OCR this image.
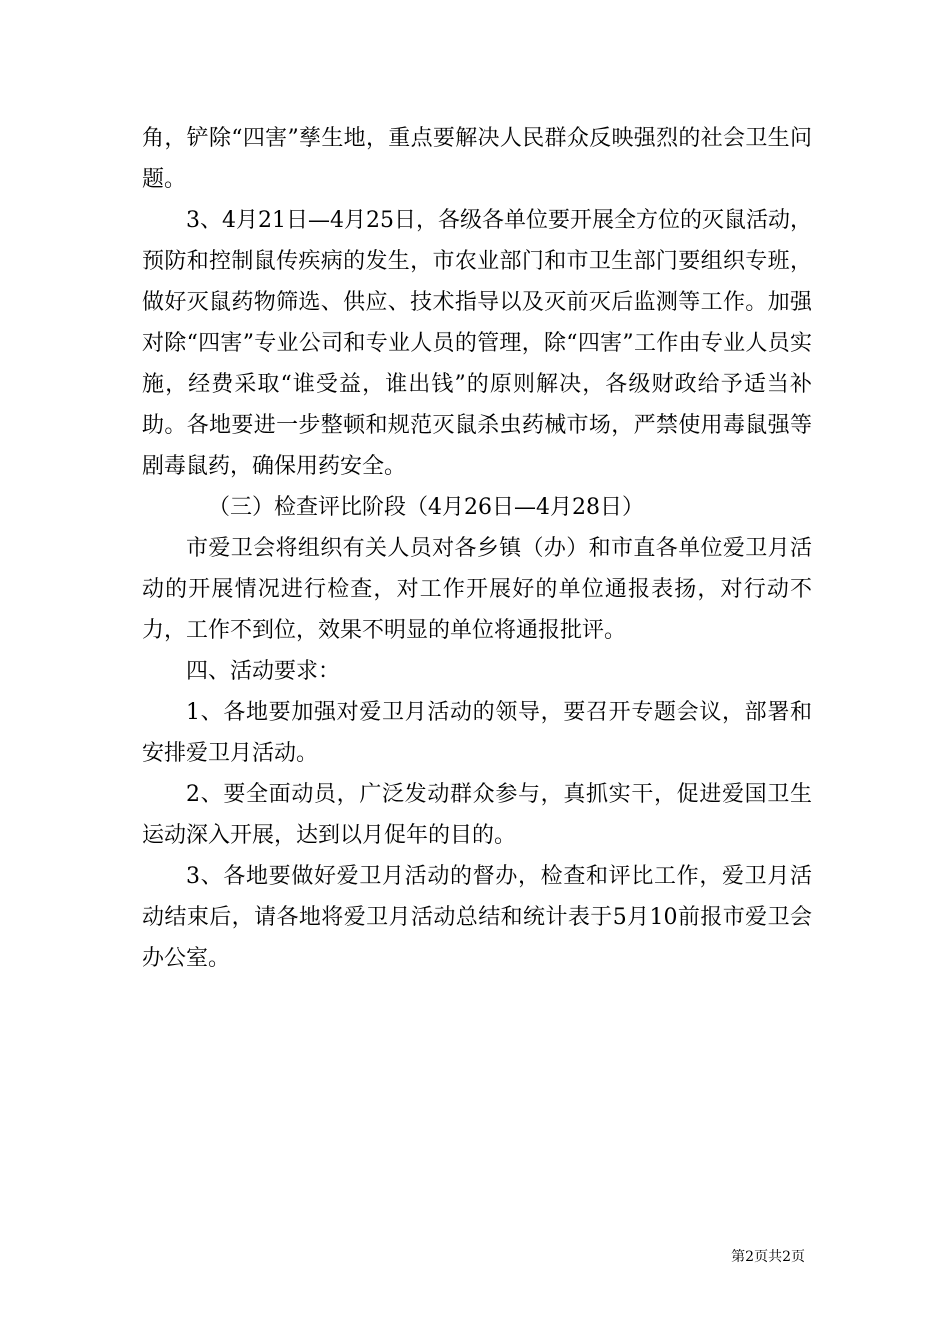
角，铲除“四害”孳生地，重点要解决人民群众反映强烈的社会卫生问题。

3、4月21日—4月25日，各级各单位要开展全方位的灭鼠活动，预防和控制鼠传疾病的发生，市农业部门和市卫生部门要组织专班，做好灭鼠药物筛选、供应、技术指导以及灭前灭后监测等工作。加强对除“四害”专业公司和专业人员的管理，除“四害”工作由专业人员实施，经费采取“谁受益，谁出钱”的原则解决，各级财政给予适当补助。各地要进一步整顿和规范灭鼠杀虫药械市场，严禁使用毒鼠强等剧毒鼠药，确保用药安全。

（三）检查评比阶段（4月26日—4月28日）

市爱卫会将组织有关人员对各乡镇（办）和市直各单位爱卫月活动的开展情况进行检查，对工作开展好的单位通报表扬，对行动不力，工作不到位，效果不明显的单位将通报批评。

四、活动要求：

1、各地要加强对爱卫月活动的领导，要召开专题会议，部署和安排爱卫月活动。

2、要全面动员，广泛发动群众参与，真抓实干，促进爱国卫生运动深入开展，达到以月促年的目的。

3、各地要做好爱卫月活动的督办，检查和评比工作，爱卫月活动结束后，请各地将爱卫月活动总结和统计表于5月10前报市爱卫会办公室。

第2页共2页
